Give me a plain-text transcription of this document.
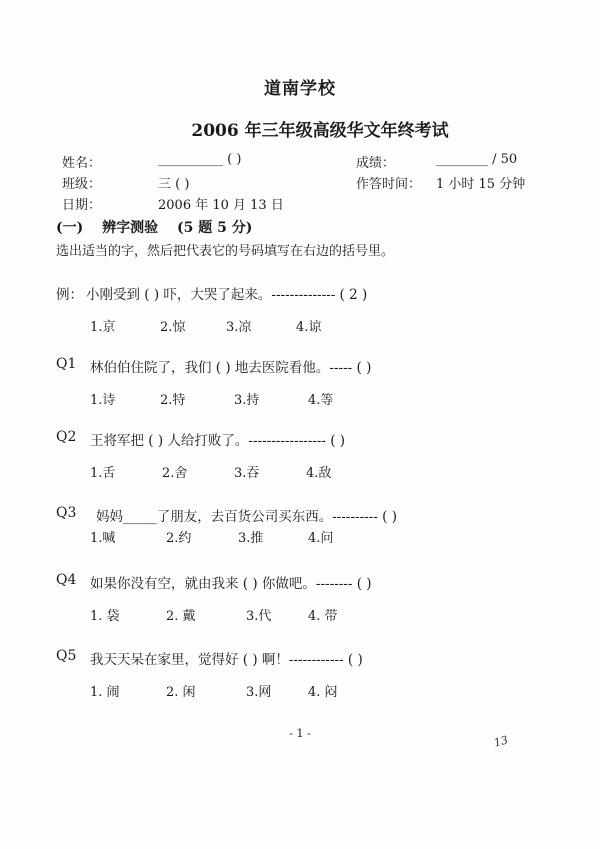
道南学校
2006 年三年级高级华文年终考试
姓名：	__________ ( )	成绩：	________ / 50
班级：	三 ( )	作答时间： 1 小时 15 分钟
日期：	2006 年 10 月 13 日
(一) 辨字测验 (5 题 5 分)
选出适当的字，然后把代表它的号码填写在右边的括号里。
例： 小刚受到 ( ) 吓，大哭了起来。-------------- ( 2 )
1.京	2.惊	3.凉	4.谅
Q1 林伯伯住院了，我们 ( ) 地去医院看他。----- ( )
1.诗	2.特	3.持	4.等
Q2 王将军把 ( ) 人给打败了。----------------- ( )
1.舌	2.舍	3.吞	4.敌
Q3 妈妈_____了朋友，去百货公司买东西。---------- ( )
1.喊	2.约	3.推	4.问
Q4 如果你没有空，就由我来 ( ) 你做吧。-------- ( )
1. 袋	2. 戴	3.代	4. 带
Q5 我天天呆在家里，觉得好 ( ) 啊！------------ ( )
1. 闹	2. 闲	3.网	4. 闷
- 1 -	13
